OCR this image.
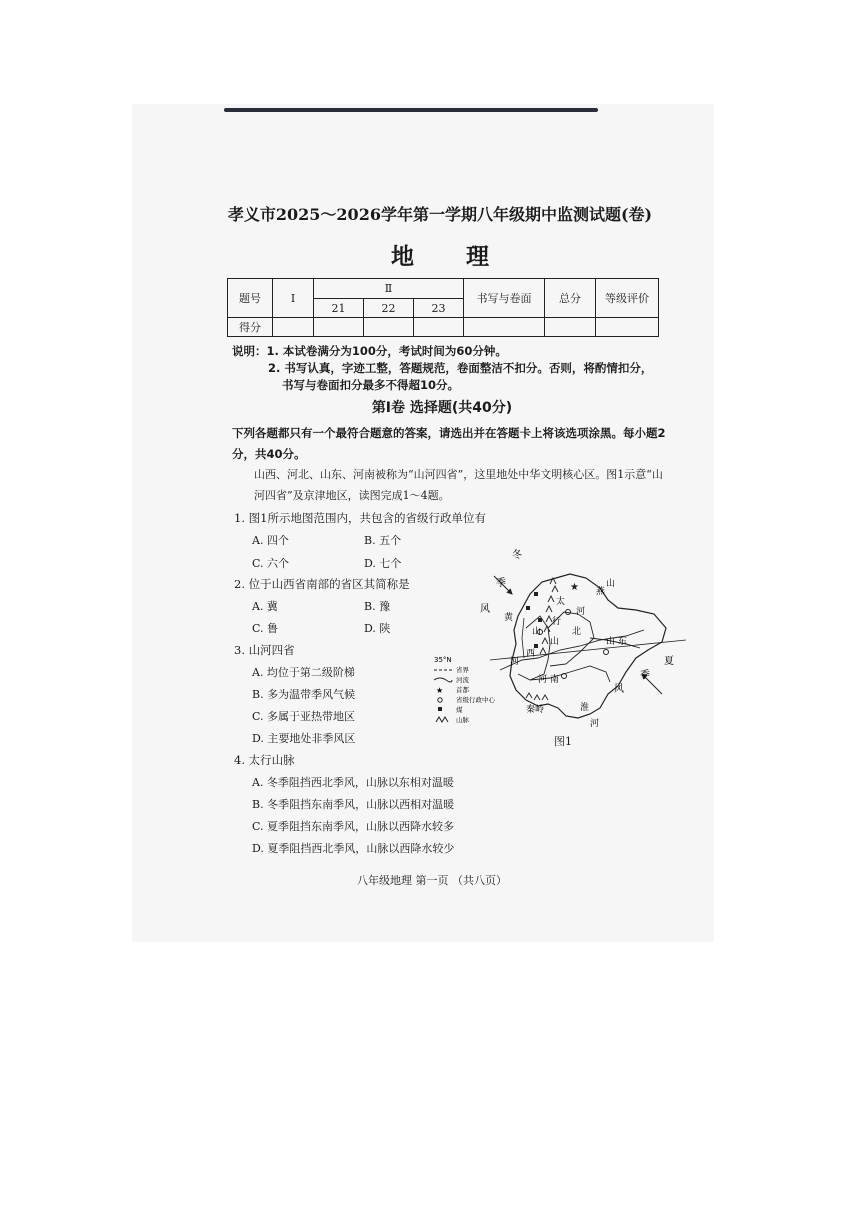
孝义市2025～2026学年第一学期八年级期中监测试题(卷)
地 理
题号	Ⅰ	Ⅱ			书写与卷面	总分	等级评价
		21	22	23			
得分							
说明：1. 本试卷满分为100分，考试时间为60分钟。
2. 书写认真，字迹工整，答题规范，卷面整洁不扣分。否则，将酌情扣分，
书写与卷面扣分最多不得超10分。
第Ⅰ卷 选择题(共40分)
下列各题都只有一个最符合题意的答案，请选出并在答题卡上将该选项涂黑。每小题2分，共40分。
山西、河北、山东、河南被称为“山河四省”，这里地处中华文明核心区。图1示意“山河四省”及京津地区，读图完成1～4题。
1. 图1所示地图范围内，共包含的省级行政单位有
A. 四个	B. 五个
C. 六个	D. 七个
2. 位于山西省南部的省区其简称是
A. 冀	B. 豫
C. 鲁	D. 陕
3. 山河四省
A. 均位于第二级阶梯
B. 多为温带季风气候
C. 多属于亚热带地区
D. 主要地处非季风区
4. 太行山脉
A. 冬季阻挡西北季风，山脉以东相对温暖
B. 冬季阻挡东南季风，山脉以西相对温暖
C. 夏季阻挡东南季风，山脉以西降水较多
D. 夏季阻挡西北季风，山脉以西降水较少
★
冬
季
风
黄
山
西
河
太
行
山
北
河
燕
山
山 东
河 南
秦岭	淮
河
35°N	夏
季
风
省界
河流
★ 首都
省级行政中心
煤
山脉
图1
八年级地理 第一页 （共八页）
